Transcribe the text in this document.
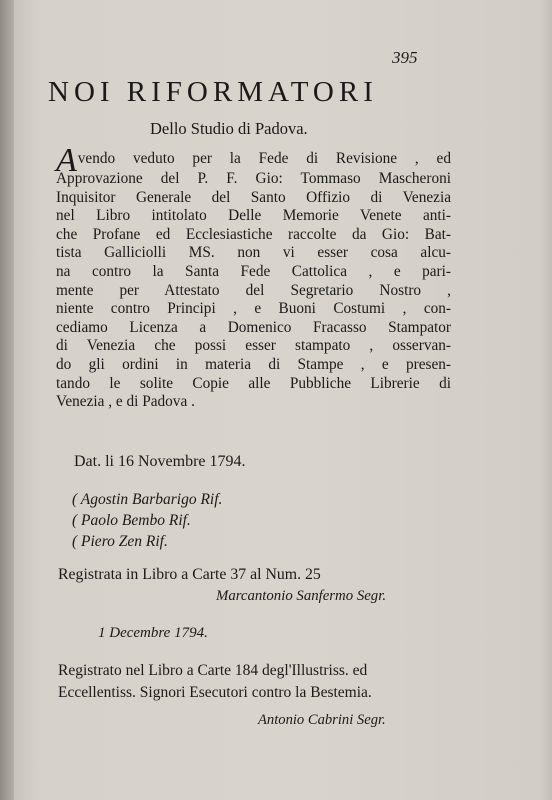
395
NOI RIFORMATORI
Dello Studio di Padova.
Avendo veduto per la Fede di Revisione , ed
Approvazione del P. F. Gio: Tommaso Mascheroni
Inquisitor Generale del Santo Offizio di Venezia
nel Libro intitolato Delle Memorie Venete anti-
che Profane ed Ecclesiastiche raccolte da Gio: Bat-
tista Galliciolli MS. non vi esser cosa alcu-
na contro la Santa Fede Cattolica , e pari-
mente per Attestato del Segretario Nostro ,
niente contro Principi , e Buoni Costumi , con-
cediamo Licenza a Domenico Fracasso Stampator
di Venezia che possi esser stampato , osservan-
do gli ordini in materia di Stampe , e presen-
tando le solite Copie alle Pubbliche Librerie di
Venezia , e di Padova .
Dat. li 16 Novembre 1794.
( Agostin Barbarigo Rif.
( Paolo Bembo Rif.
( Piero Zen Rif.
Registrata in Libro a Carte 37 al Num. 25
Marcantonio Sanfermo Segr.
1 Decembre 1794.
Registrato nel Libro a Carte 184 degl'Illustriss. ed
Eccellentiss. Signori Esecutori contro la Bestemia.
Antonio Cabrini Segr.
